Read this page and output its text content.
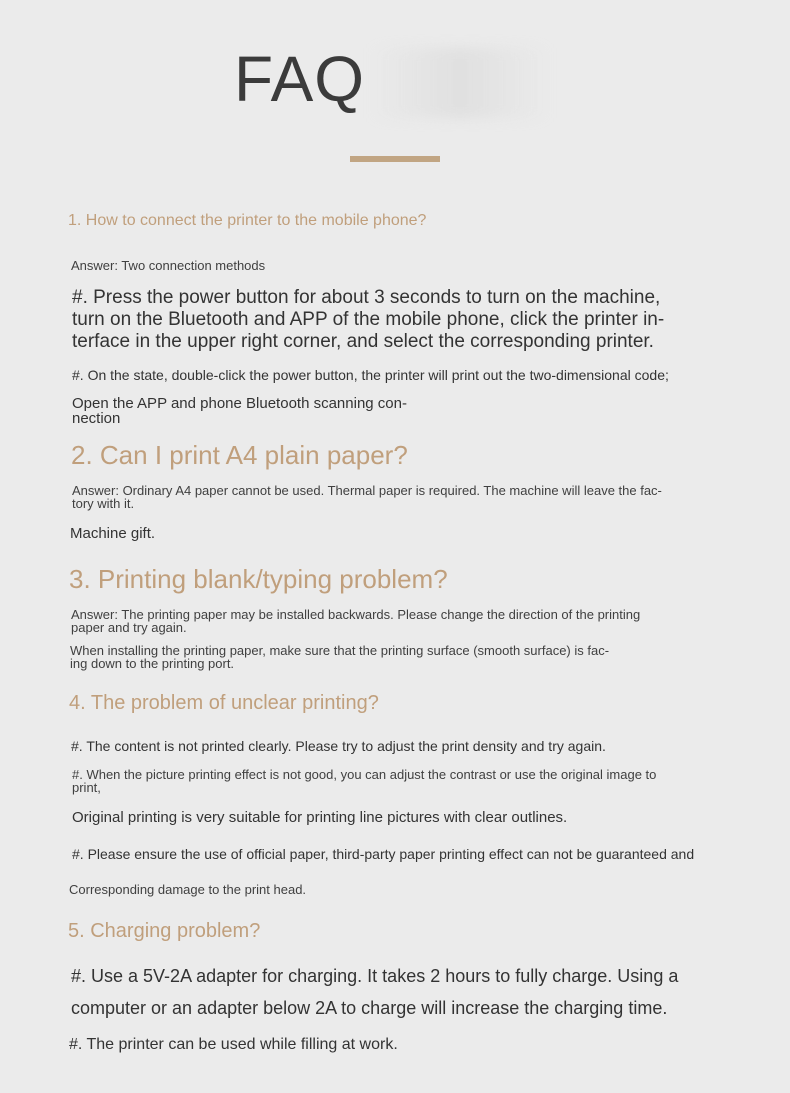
FAQ
1. How to connect the printer to the mobile phone?
Answer: Two connection methods
#. Press the power button for about 3 seconds to turn on the machine,
turn on the Bluetooth and APP of the mobile phone, click the printer in-
terface in the upper right corner, and select the corresponding printer.
#. On the state, double-click the power button, the printer will print out the two-dimensional code;
Open the APP and phone Bluetooth scanning con-
nection
2. Can I print A4 plain paper?
Answer: Ordinary A4 paper cannot be used. Thermal paper is required. The machine will leave the fac-
tory with it.
Machine gift.
3. Printing blank/typing problem?
Answer: The printing paper may be installed backwards. Please change the direction of the printing
paper and try again.
When installing the printing paper, make sure that the printing surface (smooth surface) is fac-
ing down to the printing port.
4. The problem of unclear printing?
#. The content is not printed clearly. Please try to adjust the print density and try again.
#. When the picture printing effect is not good, you can adjust the contrast or use the original image to
print,
Original printing is very suitable for printing line pictures with clear outlines.
#. Please ensure the use of official paper, third-party paper printing effect can not be guaranteed and
Corresponding damage to the print head.
5. Charging problem?
#. Use a 5V-2A adapter for charging. It takes 2 hours to fully charge. Using a
computer or an adapter below 2A to charge will increase the charging time.
#. The printer can be used while filling at work.
